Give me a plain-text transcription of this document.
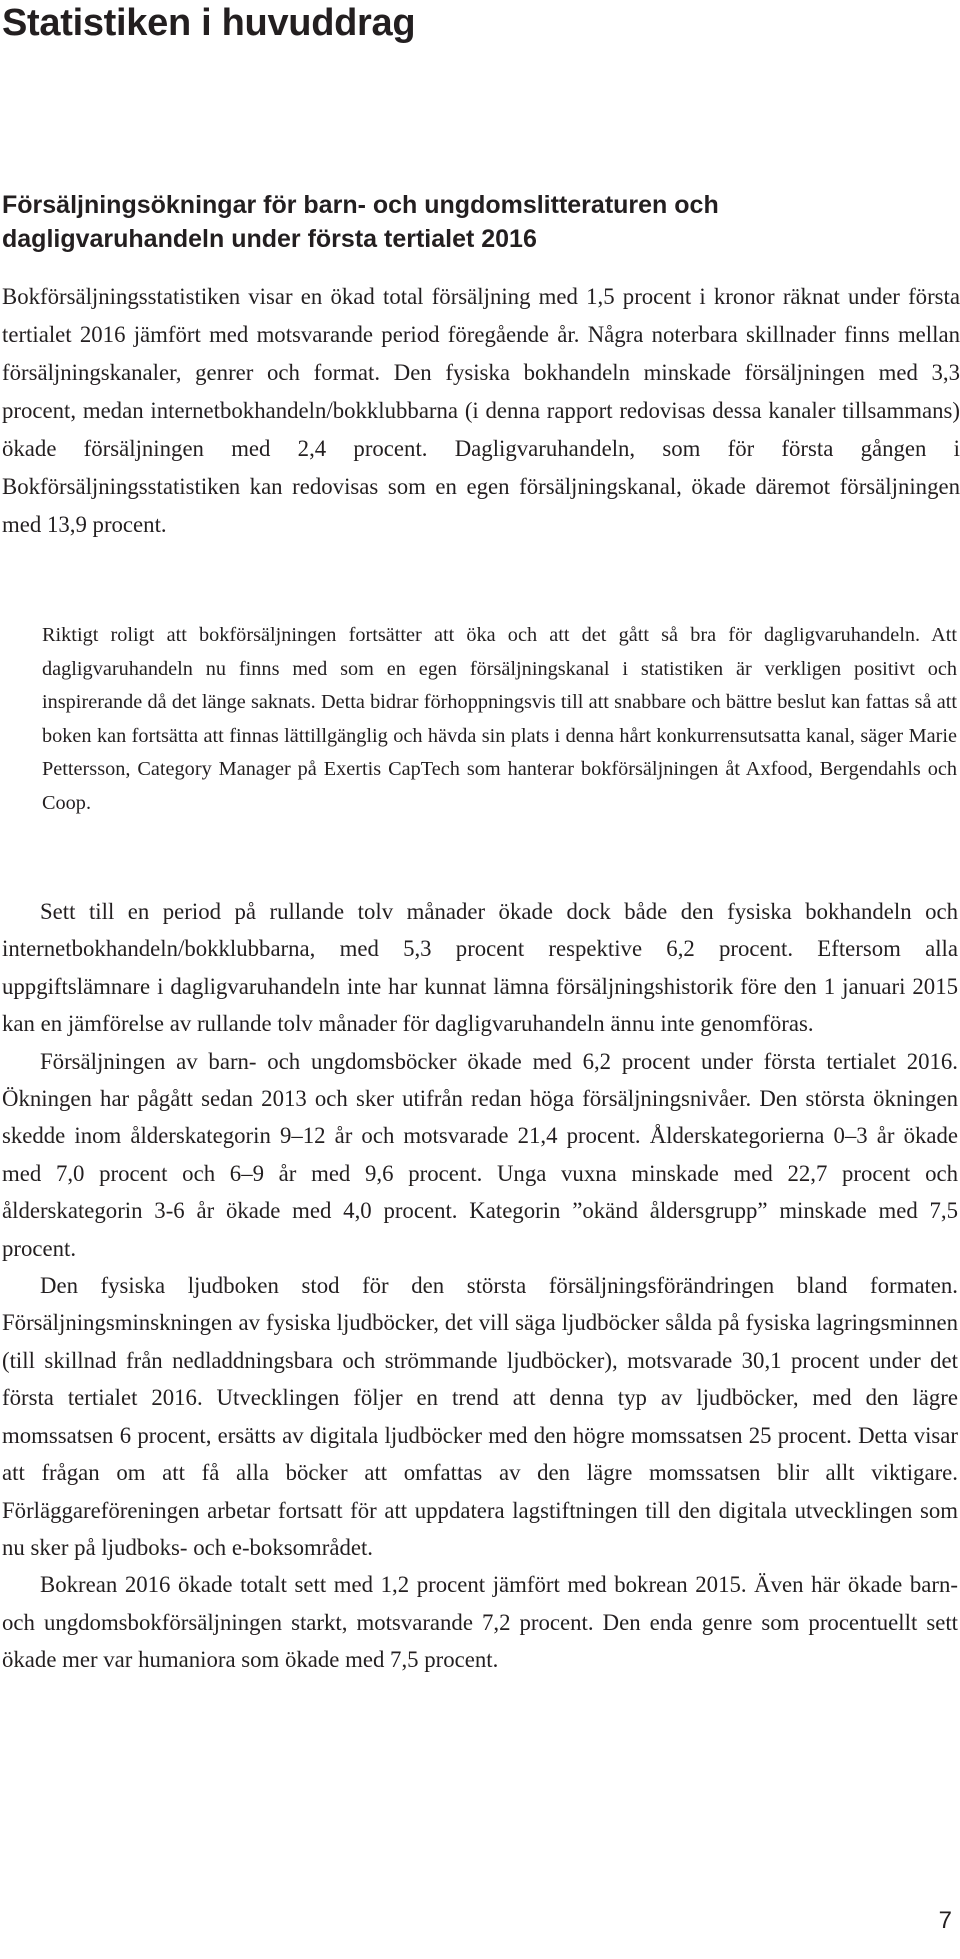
Statistiken i huvuddrag
Försäljningsökningar för barn- och ungdomslitteraturen och dagligvaruhandeln under första tertialet 2016

Bokförsäljningsstatistiken visar en ökad total försäljning med 1,5 procent i kronor räknat under första tertialet 2016 jämfört med motsvarande period föregående år. Några noterbara skillnader finns mellan försäljningskanaler, genrer och format. Den fysiska bokhandeln minskade försäljningen med 3,3 procent, medan internetbokhandeln/bokklubbarna (i denna rapport redovisas dessa kanaler tillsammans) ökade försäljningen med 2,4 procent. Dagligvaruhandeln, som för första gången i Bokförsäljningsstatistiken kan redovisas som en egen försäljningskanal, ökade däremot försäljningen med 13,9 procent.

Riktigt roligt att bokförsäljningen fortsätter att öka och att det gått så bra för dagligvaruhandeln. Att dagligvaruhandeln nu finns med som en egen försäljningskanal i statistiken är verkligen positivt och inspirerande då det länge saknats. Detta bidrar förhoppningsvis till att snabbare och bättre beslut kan fattas så att boken kan fortsätta att finnas lättillgänglig och hävda sin plats i denna hårt konkurrensutsatta kanal, säger Marie Pettersson, Category Manager på Exertis CapTech som hanterar bokförsäljningen åt Axfood, Bergendahls och Coop.

Sett till en period på rullande tolv månader ökade dock både den fysiska bokhandeln och internetbokhandeln/bokklubbarna, med 5,3 procent respektive 6,2 procent. Eftersom alla uppgiftslämnare i dagligvaruhandeln inte har kunnat lämna försäljningshistorik före den 1 januari 2015 kan en jämförelse av rullande tolv månader för dagligvaruhandeln ännu inte genomföras.

Försäljningen av barn- och ungdomsböcker ökade med 6,2 procent under första tertialet 2016. Ökningen har pågått sedan 2013 och sker utifrån redan höga försäljningsnivåer. Den största ökningen skedde inom ålderskategorin 9–12 år och motsvarade 21,4 procent. Ålderskategorierna 0–3 år ökade med 7,0 procent och 6–9 år med 9,6 procent. Unga vuxna minskade med 22,7 procent och ålderskategorin 3-6 år ökade med 4,0 procent. Kategorin ”okänd åldersgrupp” minskade med 7,5 procent.

Den fysiska ljudboken stod för den största försäljningsförändringen bland formaten. Försäljningsminskningen av fysiska ljudböcker, det vill säga ljudböcker sålda på fysiska lagringsminnen (till skillnad från nedladdningsbara och strömmande ljudböcker), motsvarade 30,1 procent under det första tertialet 2016. Utvecklingen följer en trend att denna typ av ljudböcker, med den lägre momssatsen 6 procent, ersätts av digitala ljudböcker med den högre momssatsen 25 procent. Detta visar att frågan om att få alla böcker att omfattas av den lägre momssatsen blir allt viktigare. Förläggareföreningen arbetar fortsatt för att uppdatera lagstiftningen till den digitala utvecklingen som nu sker på ljudboks- och e-boksområdet.

Bokrean 2016 ökade totalt sett med 1,2 procent jämfört med bokrean 2015. Även här ökade barn- och ungdomsbokförsäljningen starkt, motsvarande 7,2 procent. Den enda genre som procentuellt sett ökade mer var humaniora som ökade med 7,5 procent.

7
